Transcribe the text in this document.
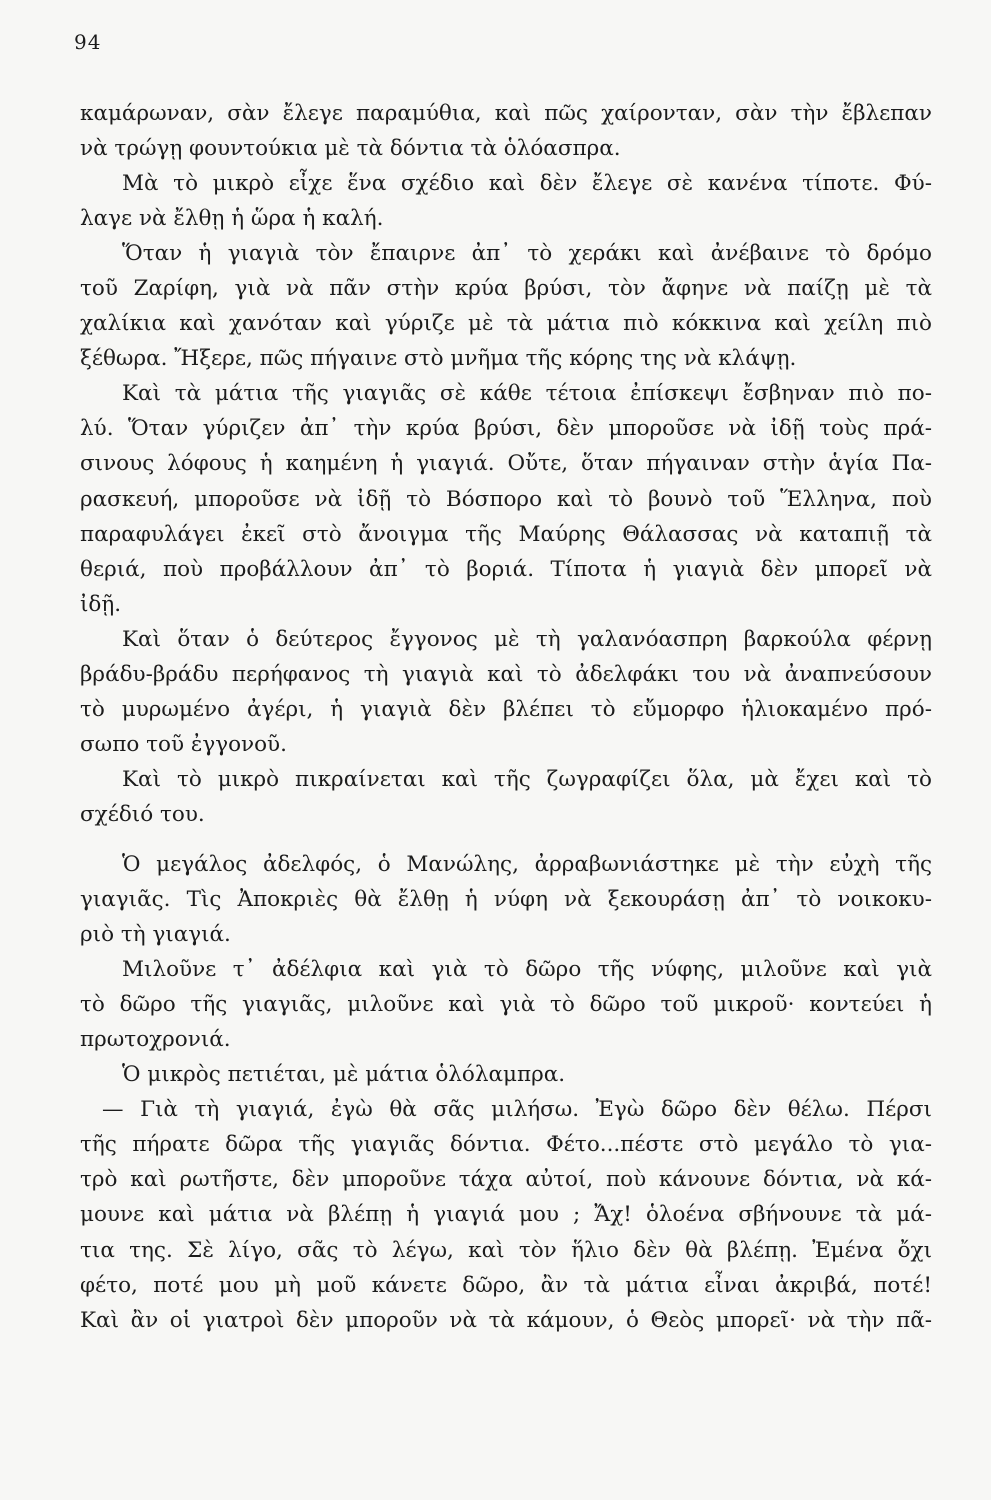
94
καμάρωναν, σὰν ἔλεγε παραμύθια, καὶ πῶς χαίρονταν, σὰν τὴν ἔβλεπαν
νὰ τρώγῃ φουντούκια μὲ τὰ δόντια τὰ ὁλόασπρα.
Μὰ τὸ μικρὸ εἶχε ἕνα σχέδιο καὶ δὲν ἔλεγε σὲ κανένα τίποτε. Φύ-
λαγε νὰ ἔλθῃ ἡ ὥρα ἡ καλή.
Ὅταν ἡ γιαγιὰ τὸν ἔπαιρνε ἀπ᾽ τὸ χεράκι καὶ ἀνέβαινε τὸ δρόμο
τοῦ Ζαρίφη, γιὰ νὰ πᾶν στὴν κρύα βρύσι, τὸν ἄφηνε νὰ παίζῃ μὲ τὰ
χαλίκια καὶ χανόταν καὶ γύριζε μὲ τὰ μάτια πιὸ κόκκινα καὶ χείλη πιὸ
ξέθωρα. Ἤξερε, πῶς πήγαινε στὸ μνῆμα τῆς κόρης της νὰ κλάψῃ.
Καὶ τὰ μάτια τῆς γιαγιᾶς σὲ κάθε τέτοια ἐπίσκεψι ἔσβηναν πιὸ πο-
λύ. Ὅταν γύριζεν ἀπ᾽ τὴν κρύα βρύσι, δὲν μποροῦσε νὰ ἰδῇ τοὺς πρά-
σινους λόφους ἡ καημένη ἡ γιαγιά. Οὔτε, ὅταν πήγαιναν στὴν ἁγία Πα-
ρασκευή, μποροῦσε νὰ ἰδῇ τὸ Βόσπορο καὶ τὸ βουνὸ τοῦ Ἕλληνα, ποὺ
παραφυλάγει ἐκεῖ στὸ ἄνοιγμα τῆς Μαύρης Θάλασσας νὰ καταπιῇ τὰ
θεριά, ποὺ προβάλλουν ἀπ᾽ τὸ βοριά. Τίποτα ἡ γιαγιὰ δὲν μπορεῖ νὰ
ἰδῇ.
Καὶ ὅταν ὁ δεύτερος ἔγγονος μὲ τὴ γαλανόασπρη βαρκούλα φέρνῃ
βράδυ-βράδυ περήφανος τὴ γιαγιὰ καὶ τὸ ἀδελφάκι του νὰ ἀναπνεύσουν
τὸ μυρωμένο ἀγέρι, ἡ γιαγιὰ δὲν βλέπει τὸ εὔμορφο ἡλιοκαμένο πρό-
σωπο τοῦ ἐγγονοῦ.
Καὶ τὸ μικρὸ πικραίνεται καὶ τῆς ζωγραφίζει ὅλα, μὰ ἔχει καὶ τὸ
σχέδιό του.
Ὁ μεγάλος ἀδελφός, ὁ Μανώλης, ἀρραβωνιάστηκε μὲ τὴν εὐχὴ τῆς
γιαγιᾶς. Τὶς Ἀποκριὲς θὰ ἔλθῃ ἡ νύφη νὰ ξεκουράσῃ ἀπ᾽ τὸ νοικοκυ-
ριὸ τὴ γιαγιά.
Μιλοῦνε τ᾽ ἀδέλφια καὶ γιὰ τὸ δῶρο τῆς νύφης, μιλοῦνε καὶ γιὰ
τὸ δῶρο τῆς γιαγιᾶς, μιλοῦνε καὶ γιὰ τὸ δῶρο τοῦ μικροῦ· κοντεύει ἡ
πρωτοχρονιά.
Ὁ μικρὸς πετιέται, μὲ μάτια ὁλόλαμπρα.
— Γιὰ τὴ γιαγιά, ἐγὼ θὰ σᾶς μιλήσω. Ἐγὼ δῶρο δὲν θέλω. Πέρσι
τῆς πήρατε δῶρα τῆς γιαγιᾶς δόντια. Φέτο...πέστε στὸ μεγάλο τὸ για-
τρὸ καὶ ρωτῆστε, δὲν μποροῦνε τάχα αὐτοί, ποὺ κάνουνε δόντια, νὰ κά-
μουνε καὶ μάτια νὰ βλέπῃ ἡ γιαγιά μου ; Ἄχ! ὁλοένα σβήνουνε τὰ μά-
τια της. Σὲ λίγο, σᾶς τὸ λέγω, καὶ τὸν ἥλιο δὲν θὰ βλέπῃ. Ἐμένα ὄχι
φέτο, ποτέ μου μὴ μοῦ κάνετε δῶρο, ἂν τὰ μάτια εἶναι ἀκριβά, ποτέ!
Καὶ ἂν οἱ γιατροὶ δὲν μποροῦν νὰ τὰ κάμουν, ὁ Θεὸς μπορεῖ· νὰ τὴν πᾶ-
